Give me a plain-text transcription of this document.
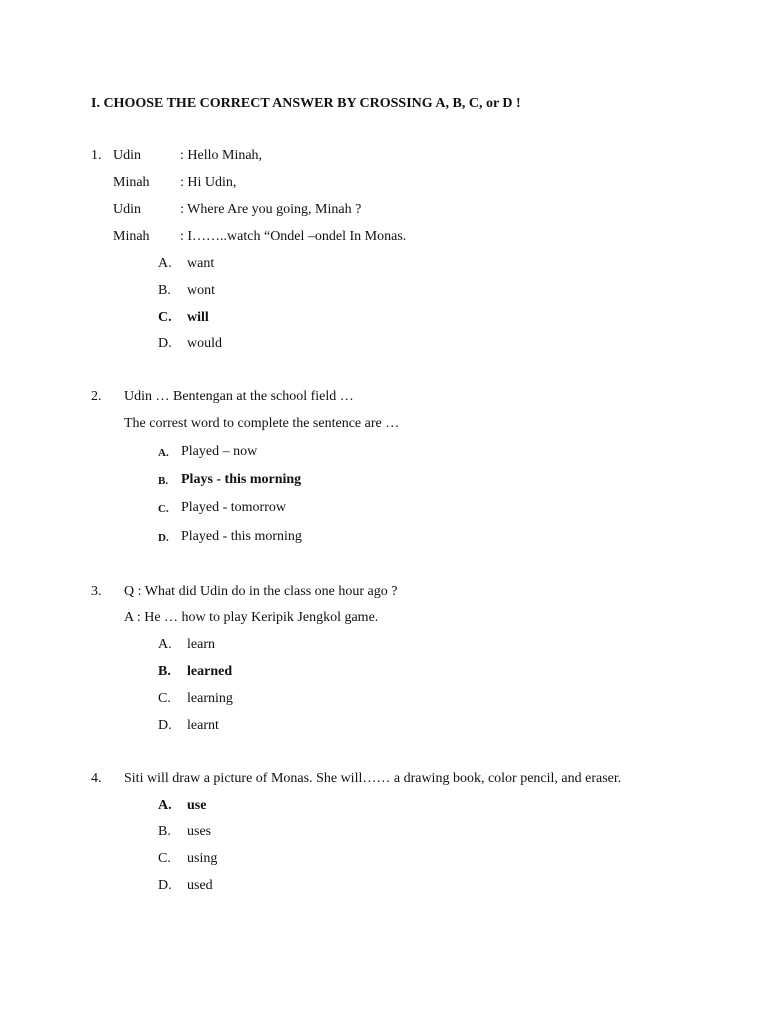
I. CHOOSE THE CORRECT ANSWER BY CROSSING A, B, C, or D !
1. Udin	: Hello Minah,
Minah : Hi Udin,
Udin	: Where Are you going, Minah ?
Minah : I……..watch “Ondel –ondel In Monas.
A. want
B. wont
C. will
D. would
2. Udin … Bentengan at the school field …
The correst word to complete the sentence are …
A. Played – now
B. Plays - this morning
C. Played - tomorrow
D. Played - this morning
3. Q : What did Udin do in the class one hour ago ?
A : He … how to play Keripik Jengkol game.
A. learn
B. learned
C. learning
D. learnt
4. Siti will draw a picture of Monas. She will…… a drawing book, color pencil, and eraser.
A. use
B. uses
C. using
D. used
